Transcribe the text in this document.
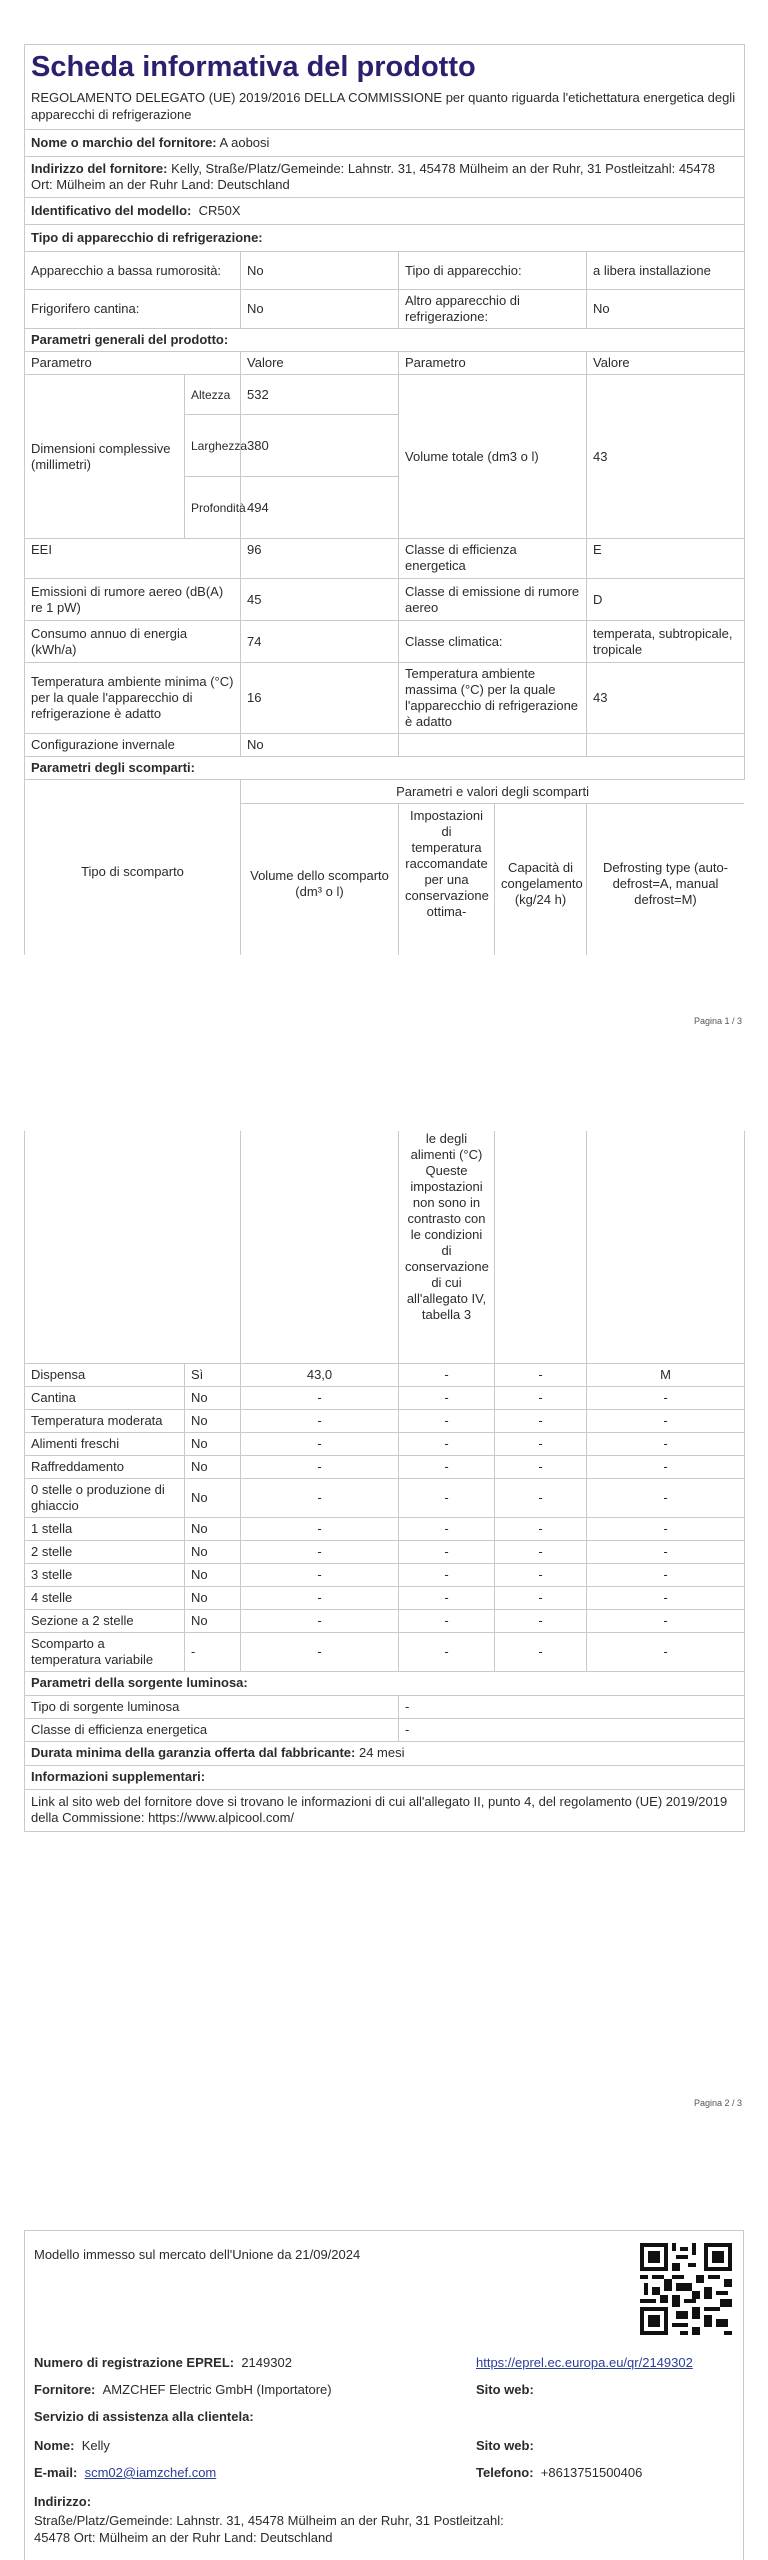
Scheda informativa del prodotto
REGOLAMENTO DELEGATO (UE) 2019/2016 DELLA COMMISSIONE per quanto riguarda l'etichettatura energetica degli apparecchi di refrigerazione
Nome o marchio del fornitore: A aobosi
Indirizzo del fornitore: Kelly, Straße/Platz/Gemeinde: Lahnstr. 31, 45478 Mülheim an der Ruhr, 31 Postleitzahl: 45478 Ort: Mülheim an der Ruhr Land: Deutschland
Identificativo del modello: CR50X
Tipo di apparecchio di refrigerazione:
Apparecchio a bassa rumorosità:	No	Tipo di apparecchio:	a libera installazione
Frigorifero cantina:	No	Altro apparecchio di refrigerazione:	No
Parametri generali del prodotto:			
Parametro		Valore	Parametro	Valore
Dimensioni complessive (millimetri)	Altezza	532	Volume totale (dm3 o l)	43
	Larghezza	380		
	Profondità	494		
EEI		96	Classe di efficienza energetica	E
Emissioni di rumore aereo (dB(A) re 1 pW)		45	Classe di emissione di rumore aereo	D
Consumo annuo di energia (kWh/a)		74	Classe climatica:	temperata, subtropicale, tropicale
Temperatura ambiente minima (°C) per la quale l'apparecchio di refrigerazione è adatto		16	Temperatura ambiente massima (°C) per la quale l'apparecchio di refrigerazione è adatto	43
Configurazione invernale		No		
Parametri degli scomparti:				
Tipo di scomparto	Parametri e valori degli scomparti			
	Volume dello scomparto (dm³ o l)	Impostazioni di temperatura raccomandate per una conservazione ottima-	Capacità di congelamento (kg/24 h)	Defrosting type (auto-defrost=A, manual defrost=M)
Pagina 1 / 3
		le degli alimenti (°C) Queste impostazioni non sono in contrasto con le condizioni di conservazione di cui all'allegato IV, tabella 3		
Dispensa	Sì	43,0	-	-	M
Cantina	No	-	-	-	-
Temperatura moderata	No	-	-	-	-
Alimenti freschi	No	-	-	-	-
Raffreddamento	No	-	-	-	-
0 stelle o produzione di ghiaccio	No	-	-	-	-
1 stella	No	-	-	-	-
2 stelle	No	-	-	-	-
3 stelle	No	-	-	-	-
4 stelle	No	-	-	-	-
Sezione a 2 stelle	No	-	-	-	-
Scomparto a temperatura variabile	-	-	-	-	-
Parametri della sorgente luminosa:	
Tipo di sorgente luminosa	-
Classe di efficienza energetica	-
Durata minima della garanzia offerta dal fabbricante: 24 mesi	
Informazioni supplementari:	
Link al sito web del fornitore dove si trovano le informazioni di cui all'allegato II, punto 4, del regolamento (UE) 2019/2019 della Commissione: https://www.alpicool.com/	
Pagina 2 / 3
Modello immesso sul mercato dell'Unione da 21/09/2024
Numero di registrazione EPREL: 2149302	https://eprel.ec.europa.eu/qr/2149302
Fornitore: AMZCHEF Electric GmbH (Importatore)	Sito web:
Servizio di assistenza alla clientela:
Nome: Kelly	Sito web:
E-mail: scm02@iamzchef.com	Telefono: +8613751500406
Indirizzo:
Straße/Platz/Gemeinde: Lahnstr. 31, 45478 Mülheim an der Ruhr, 31 Postleitzahl: 45478 Ort: Mülheim an der Ruhr Land: Deutschland
